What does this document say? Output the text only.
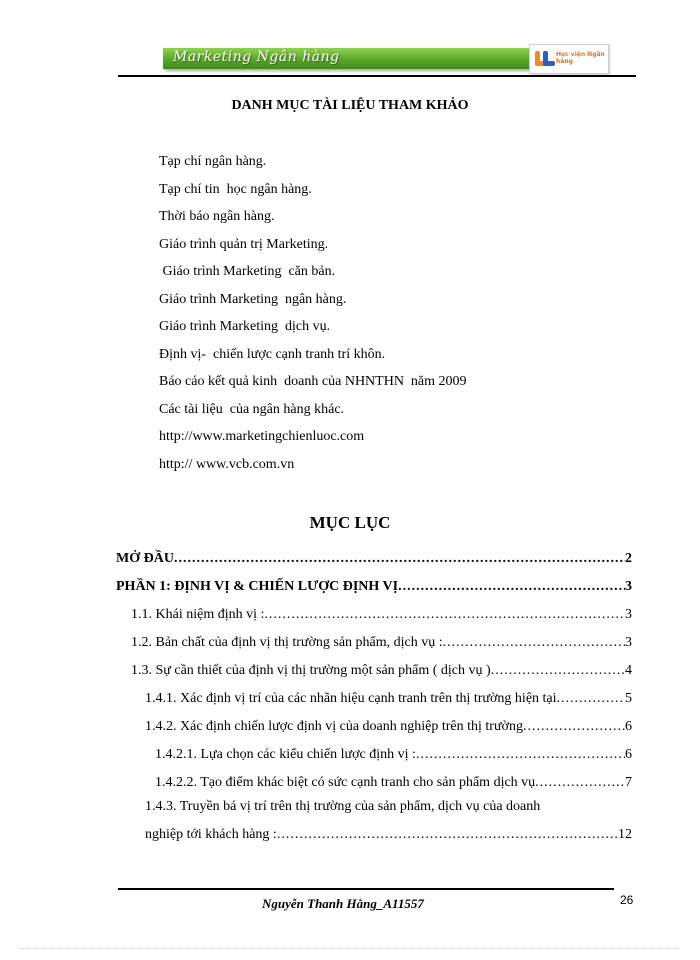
Marketing Ngân hàng	Học viện Ngân hàng
DANH MỤC TÀI LIỆU THAM KHẢO
Tạp chí ngân hàng.
Tạp chí tin  học ngân hàng.
Thời báo ngân hàng.
Giáo trình quản trị Marketing.
Giáo trình Marketing  căn bản.
Giáo trình Marketing  ngân hàng.
Giáo trình Marketing  dịch vụ.
Định vị-  chiến lược cạnh tranh trí khôn.
Báo cáo kết quả kinh  doanh của NHNTHN  năm 2009
Các tài liệu  của ngân hàng khác.
http://www.marketingchienluoc.com
http:// www.vcb.com.vn
MỤC LỤC
MỞ ĐẦU .....	2
PHẦN 1: ĐỊNH VỊ & CHIẾN LƯỢC ĐỊNH VỊ .....	3
1.1. Khái niệm định vị : .....	3
1.2. Bản chất của định vị thị trường sản phẩm, dịch vụ : .....	3
1.3. Sự cần thiết của định vị thị trường một sản phẩm ( dịch vụ ) .....	4
1.4.1. Xác định vị trí của các nhãn hiệu cạnh tranh trên thị trường hiện tại .....	5
1.4.2. Xác định chiến lược định vị của doanh nghiệp trên thị trường .....	6
1.4.2.1. Lựa chọn các kiểu chiến lược định vị : .....	6
1.4.2.2. Tạo điểm khác biệt có sức cạnh tranh cho sản phẩm dịch vụ .....	7
1.4.3. Truyền bá vị trí trên thị trường của sản phẩm, dịch vụ của doanh
nghiệp tới khách hàng : .....	12
Nguyễn Thanh Hằng_A11557	26
